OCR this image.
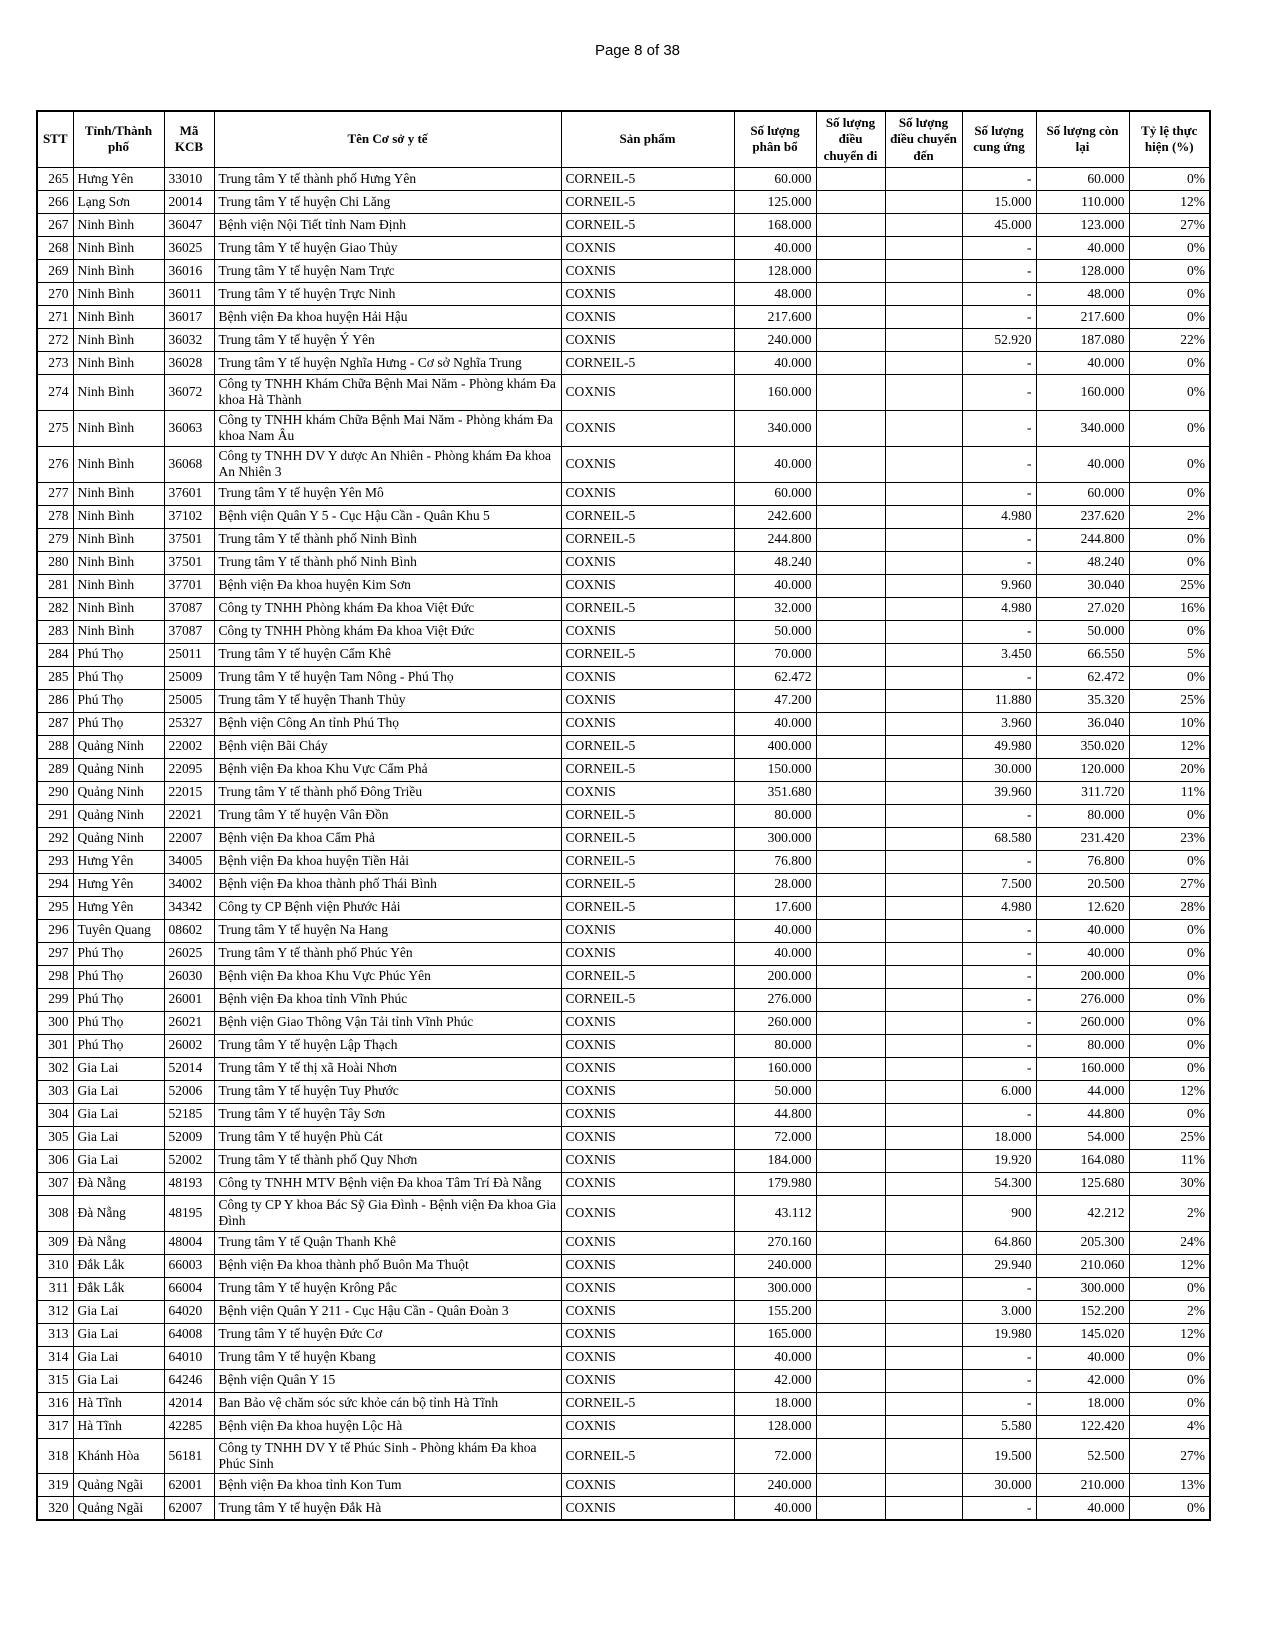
Page 8 of 38
STT	Tỉnh/Thành phố	Mã KCB	Tên Cơ sở y tế	Sản phẩm	Số lượng phân bổ	Số lượng điều chuyển đi	Số lượng điều chuyển đến	Số lượng cung ứng	Số lượng còn lại	Tỷ lệ thực hiện (%)
265	Hưng Yên	33010	Trung tâm Y tế thành phố Hưng Yên	CORNEIL-5	60.000			-	60.000	0%
266	Lạng Sơn	20014	Trung tâm Y tế huyện Chi Lăng	CORNEIL-5	125.000			15.000	110.000	12%
267	Ninh Bình	36047	Bệnh viện Nội Tiết tỉnh Nam Định	CORNEIL-5	168.000			45.000	123.000	27%
268	Ninh Bình	36025	Trung tâm Y tế huyện Giao Thủy	COXNIS	40.000			-	40.000	0%
269	Ninh Bình	36016	Trung tâm Y tế huyện Nam Trực	COXNIS	128.000			-	128.000	0%
270	Ninh Bình	36011	Trung tâm Y tế huyện Trực Ninh	COXNIS	48.000			-	48.000	0%
271	Ninh Bình	36017	Bệnh viện Đa khoa huyện Hải Hậu	COXNIS	217.600			-	217.600	0%
272	Ninh Bình	36032	Trung tâm Y tế huyện Ý Yên	COXNIS	240.000			52.920	187.080	22%
273	Ninh Bình	36028	Trung tâm Y tế huyện Nghĩa Hưng - Cơ sở Nghĩa Trung	CORNEIL-5	40.000			-	40.000	0%
274	Ninh Bình	36072	Công ty TNHH Khám Chữa Bệnh Mai Năm - Phòng khám Đa khoa Hà Thành	COXNIS	160.000			-	160.000	0%
275	Ninh Bình	36063	Công ty TNHH khám Chữa Bệnh Mai Năm - Phòng khám Đa khoa Nam Âu	COXNIS	340.000			-	340.000	0%
276	Ninh Bình	36068	Công ty TNHH DV Y dược An Nhiên - Phòng khám Đa khoa An Nhiên 3	COXNIS	40.000			-	40.000	0%
277	Ninh Bình	37601	Trung tâm Y tế huyện Yên Mô	COXNIS	60.000			-	60.000	0%
278	Ninh Bình	37102	Bệnh viện Quân Y 5 - Cục Hậu Cần - Quân Khu 5	CORNEIL-5	242.600			4.980	237.620	2%
279	Ninh Bình	37501	Trung tâm Y tế thành phố Ninh Bình	CORNEIL-5	244.800			-	244.800	0%
280	Ninh Bình	37501	Trung tâm Y tế thành phố Ninh Bình	COXNIS	48.240			-	48.240	0%
281	Ninh Bình	37701	Bệnh viện Đa khoa huyện Kim Sơn	COXNIS	40.000			9.960	30.040	25%
282	Ninh Bình	37087	Công ty TNHH Phòng khám Đa khoa Việt Đức	CORNEIL-5	32.000			4.980	27.020	16%
283	Ninh Bình	37087	Công ty TNHH Phòng khám Đa khoa Việt Đức	COXNIS	50.000			-	50.000	0%
284	Phú Thọ	25011	Trung tâm Y tế huyện Cẩm Khê	CORNEIL-5	70.000			3.450	66.550	5%
285	Phú Thọ	25009	Trung tâm Y tế huyện Tam Nông - Phú Thọ	COXNIS	62.472			-	62.472	0%
286	Phú Thọ	25005	Trung tâm Y tế huyện Thanh Thủy	COXNIS	47.200			11.880	35.320	25%
287	Phú Thọ	25327	Bệnh viện Công An tỉnh Phú Thọ	COXNIS	40.000			3.960	36.040	10%
288	Quảng Ninh	22002	Bệnh viện Bãi Cháy	CORNEIL-5	400.000			49.980	350.020	12%
289	Quảng Ninh	22095	Bệnh viện Đa khoa Khu Vực Cẩm Phả	CORNEIL-5	150.000			30.000	120.000	20%
290	Quảng Ninh	22015	Trung tâm Y tế thành phố Đông Triều	COXNIS	351.680			39.960	311.720	11%
291	Quảng Ninh	22021	Trung tâm Y tế huyện Vân Đồn	CORNEIL-5	80.000			-	80.000	0%
292	Quảng Ninh	22007	Bệnh viện Đa khoa Cẩm Phả	CORNEIL-5	300.000			68.580	231.420	23%
293	Hưng Yên	34005	Bệnh viện Đa khoa huyện Tiền Hải	CORNEIL-5	76.800			-	76.800	0%
294	Hưng Yên	34002	Bệnh viện Đa khoa thành phố Thái Bình	CORNEIL-5	28.000			7.500	20.500	27%
295	Hưng Yên	34342	Công ty CP Bệnh viện Phước Hải	CORNEIL-5	17.600			4.980	12.620	28%
296	Tuyên Quang	08602	Trung tâm Y tế huyện Na Hang	COXNIS	40.000			-	40.000	0%
297	Phú Thọ	26025	Trung tâm Y tế thành phố Phúc Yên	COXNIS	40.000			-	40.000	0%
298	Phú Thọ	26030	Bệnh viện Đa khoa Khu Vực Phúc Yên	CORNEIL-5	200.000			-	200.000	0%
299	Phú Thọ	26001	Bệnh viện Đa khoa tỉnh Vĩnh Phúc	CORNEIL-5	276.000			-	276.000	0%
300	Phú Thọ	26021	Bệnh viện Giao Thông Vận Tải tỉnh Vĩnh Phúc	COXNIS	260.000			-	260.000	0%
301	Phú Thọ	26002	Trung tâm Y tế huyện Lập Thạch	COXNIS	80.000			-	80.000	0%
302	Gia Lai	52014	Trung tâm Y tế thị xã Hoài Nhơn	COXNIS	160.000			-	160.000	0%
303	Gia Lai	52006	Trung tâm Y tế huyện Tuy Phước	COXNIS	50.000			6.000	44.000	12%
304	Gia Lai	52185	Trung tâm Y tế huyện Tây Sơn	COXNIS	44.800			-	44.800	0%
305	Gia Lai	52009	Trung tâm Y tế huyện Phù Cát	COXNIS	72.000			18.000	54.000	25%
306	Gia Lai	52002	Trung tâm Y tế thành phố Quy Nhơn	COXNIS	184.000			19.920	164.080	11%
307	Đà Nẵng	48193	Công ty TNHH MTV Bệnh viện Đa khoa Tâm Trí Đà Nẵng	COXNIS	179.980			54.300	125.680	30%
308	Đà Nẵng	48195	Công ty CP Y khoa Bác Sỹ Gia Đình - Bệnh viện Đa khoa Gia Đình	COXNIS	43.112			900	42.212	2%
309	Đà Nẵng	48004	Trung tâm Y tế Quận Thanh Khê	COXNIS	270.160			64.860	205.300	24%
310	Đắk Lắk	66003	Bệnh viện Đa khoa thành phố Buôn Ma Thuột	COXNIS	240.000			29.940	210.060	12%
311	Đắk Lắk	66004	Trung tâm Y tế huyện Krông Pắc	COXNIS	300.000			-	300.000	0%
312	Gia Lai	64020	Bệnh viện Quân Y 211 - Cục Hậu Cần - Quân Đoàn 3	COXNIS	155.200			3.000	152.200	2%
313	Gia Lai	64008	Trung tâm Y tế huyện Đức Cơ	COXNIS	165.000			19.980	145.020	12%
314	Gia Lai	64010	Trung tâm Y tế huyện Kbang	COXNIS	40.000			-	40.000	0%
315	Gia Lai	64246	Bệnh viện Quân Y 15	COXNIS	42.000			-	42.000	0%
316	Hà Tĩnh	42014	Ban Bảo vệ chăm sóc sức khỏe cán bộ tỉnh Hà Tĩnh	CORNEIL-5	18.000			-	18.000	0%
317	Hà Tĩnh	42285	Bệnh viện Đa khoa huyện Lộc Hà	COXNIS	128.000			5.580	122.420	4%
318	Khánh Hòa	56181	Công ty TNHH DV Y tế Phúc Sinh - Phòng khám Đa khoa Phúc Sinh	CORNEIL-5	72.000			19.500	52.500	27%
319	Quảng Ngãi	62001	Bệnh viện Đa khoa tỉnh Kon Tum	COXNIS	240.000			30.000	210.000	13%
320	Quảng Ngãi	62007	Trung tâm Y tế huyện Đắk Hà	COXNIS	40.000			-	40.000	0%
